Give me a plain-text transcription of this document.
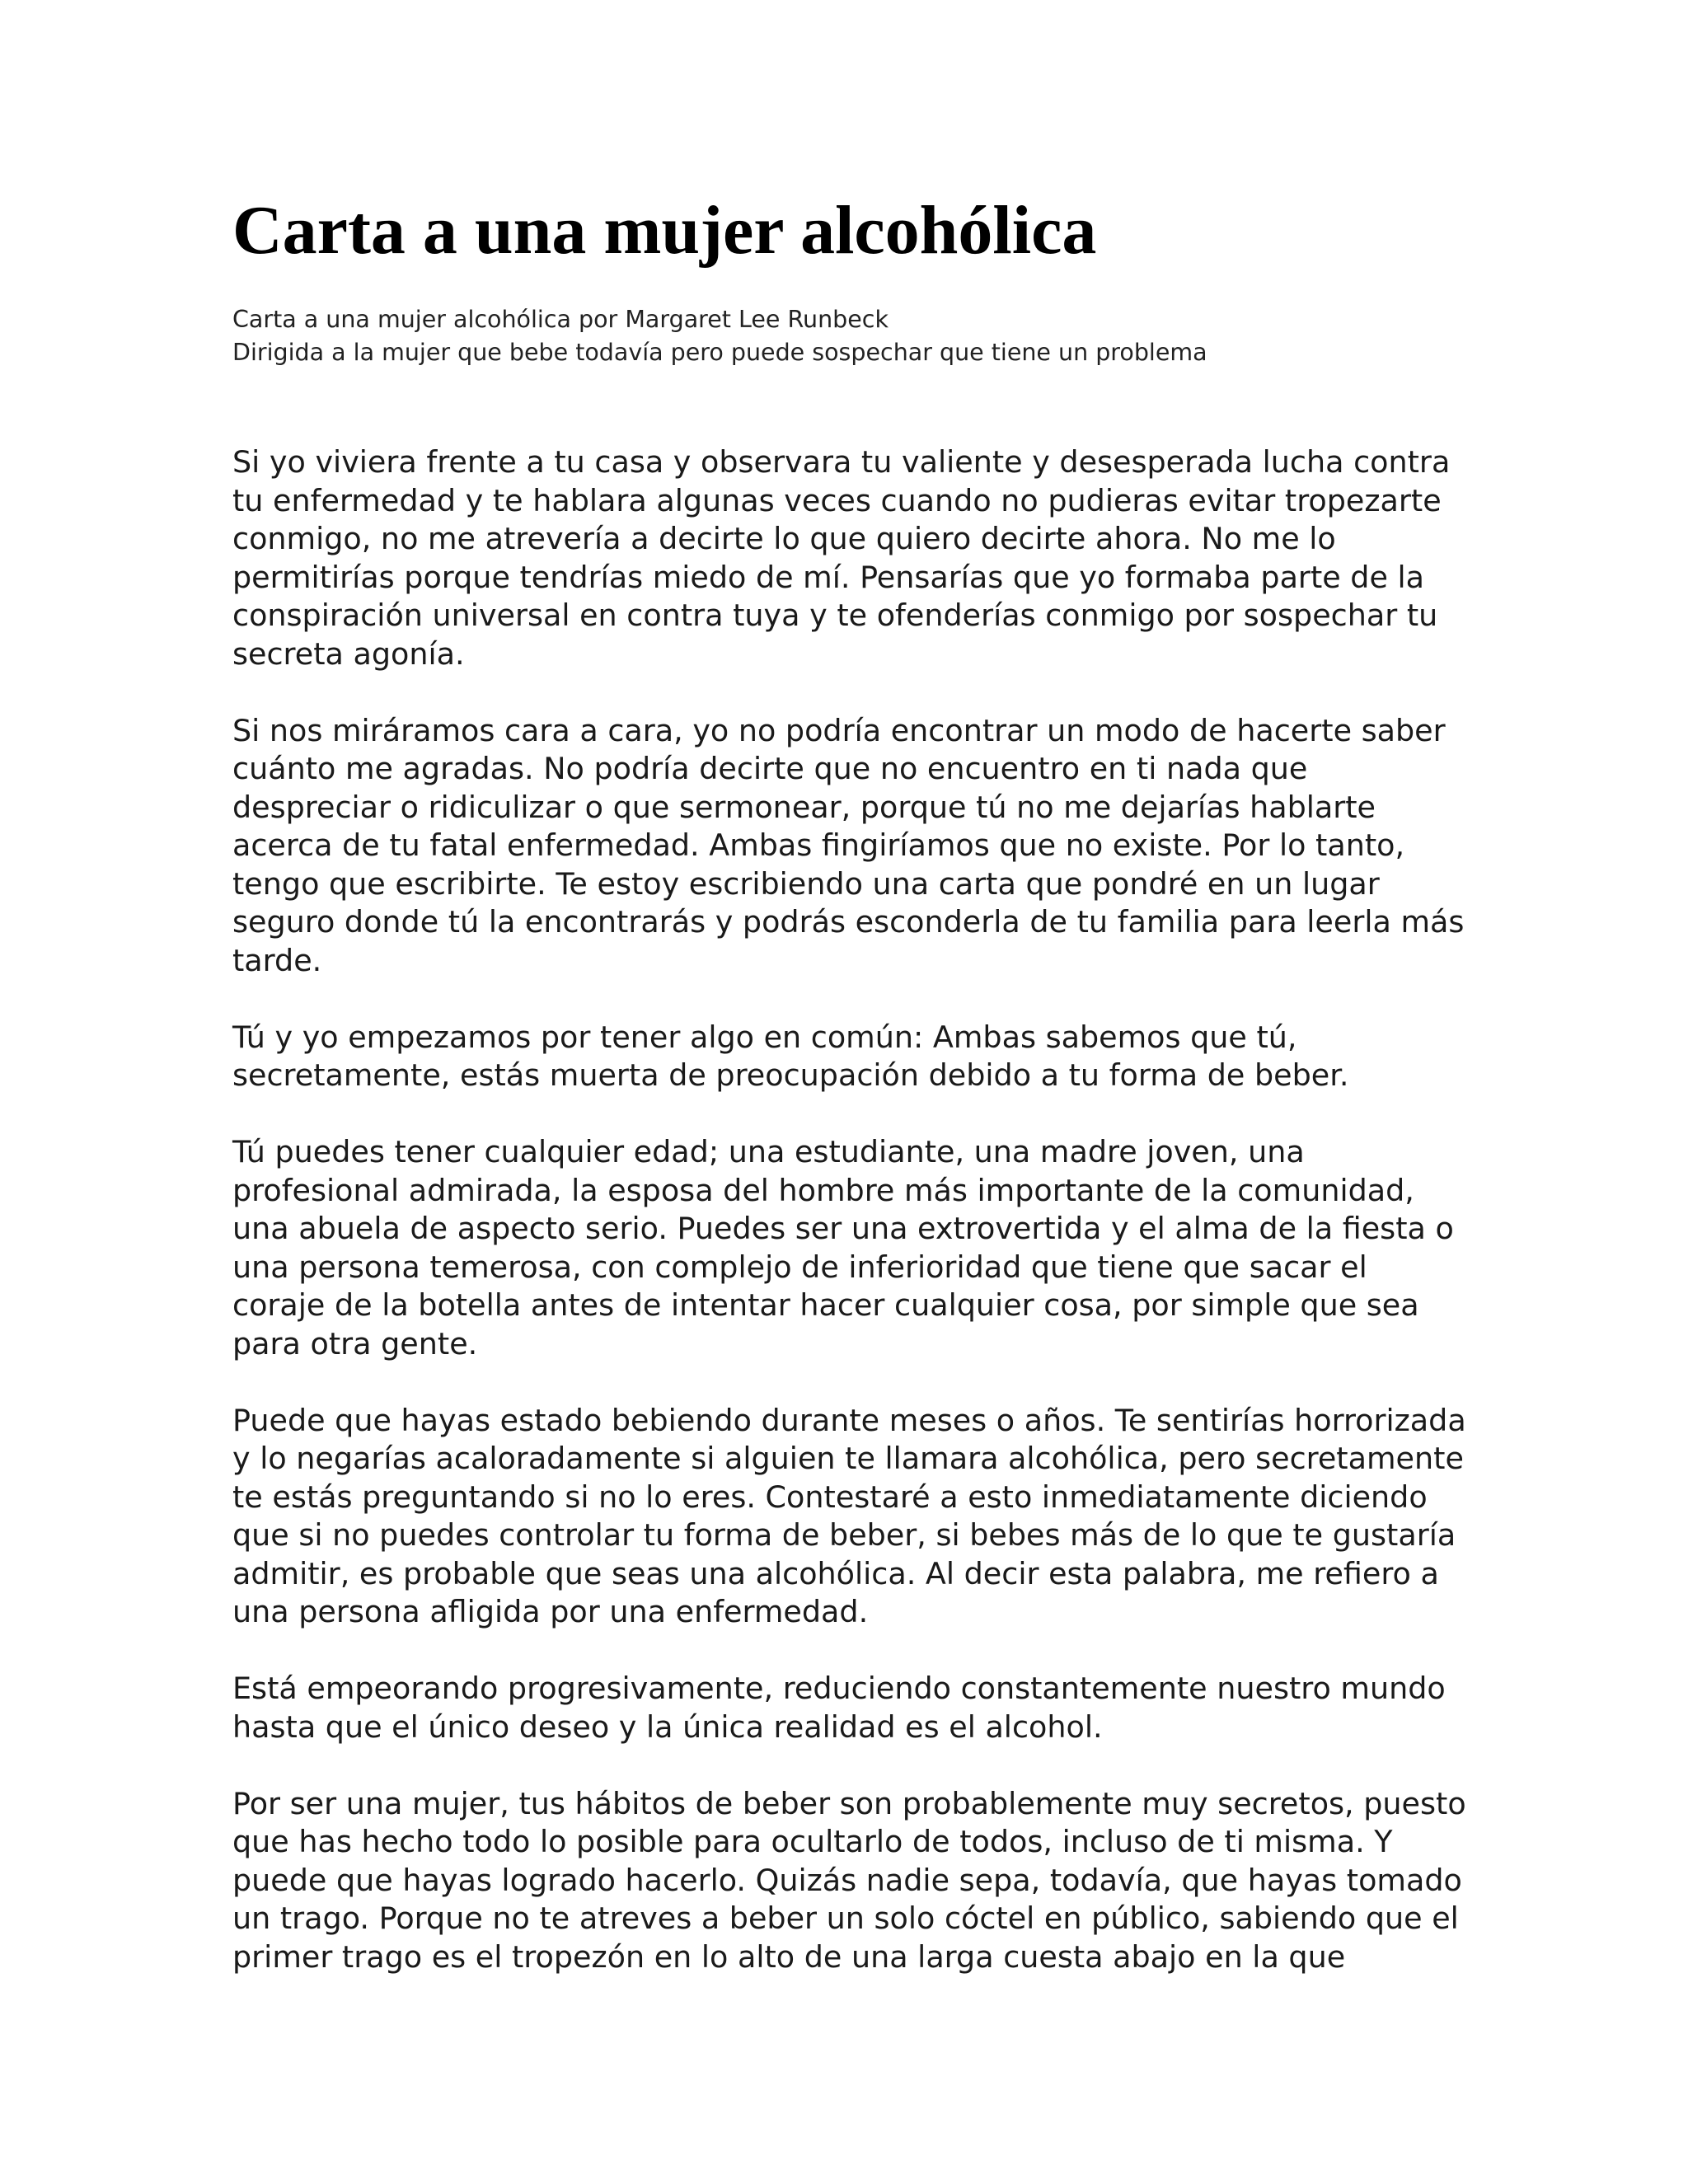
Carta a una mujer alcohólica

Carta a una mujer alcohólica por Margaret Lee Runbeck

Dirigida a la mujer que bebe todavía pero puede sospechar que tiene un problema

Si yo viviera frente a tu casa y observara tu valiente y desesperada lucha contra
tu enfermedad y te hablara algunas veces cuando no pudieras evitar tropezarte
conmigo, no me atrevería a decirte lo que quiero decirte ahora. No me lo
permitirías porque tendrías miedo de mí. Pensarías que yo formaba parte de la
conspiración universal en contra tuya y te ofenderías conmigo por sospechar tu
secreta agonía.

Si nos miráramos cara a cara, yo no podría encontrar un modo de hacerte saber
cuánto me agradas. No podría decirte que no encuentro en ti nada que
despreciar o ridiculizar o que sermonear, porque tú no me dejarías hablarte
acerca de tu fatal enfermedad. Ambas fingiríamos que no existe. Por lo tanto,
tengo que escribirte. Te estoy escribiendo una carta que pondré en un lugar
seguro donde tú la encontrarás y podrás esconderla de tu familia para leerla más
tarde.

Tú y yo empezamos por tener algo en común: Ambas sabemos que tú,
secretamente, estás muerta de preocupación debido a tu forma de beber.

Tú puedes tener cualquier edad; una estudiante, una madre joven, una
profesional admirada, la esposa del hombre más importante de la comunidad,
una abuela de aspecto serio. Puedes ser una extrovertida y el alma de la fiesta o
una persona temerosa, con complejo de inferioridad que tiene que sacar el
coraje de la botella antes de intentar hacer cualquier cosa, por simple que sea
para otra gente.

Puede que hayas estado bebiendo durante meses o años. Te sentirías horrorizada
y lo negarías acaloradamente si alguien te llamara alcohólica, pero secretamente
te estás preguntando si no lo eres. Contestaré a esto inmediatamente diciendo
que si no puedes controlar tu forma de beber, si bebes más de lo que te gustaría
admitir, es probable que seas una alcohólica. Al decir esta palabra, me refiero a
una persona afligida por una enfermedad.

Está empeorando progresivamente, reduciendo constantemente nuestro mundo
hasta que el único deseo y la única realidad es el alcohol.

Por ser una mujer, tus hábitos de beber son probablemente muy secretos, puesto
que has hecho todo lo posible para ocultarlo de todos, incluso de ti misma. Y
puede que hayas logrado hacerlo. Quizás nadie sepa, todavía, que hayas tomado
un trago. Porque no te atreves a beber un solo cóctel en público, sabiendo que el
primer trago es el tropezón en lo alto de una larga cuesta abajo en la que
